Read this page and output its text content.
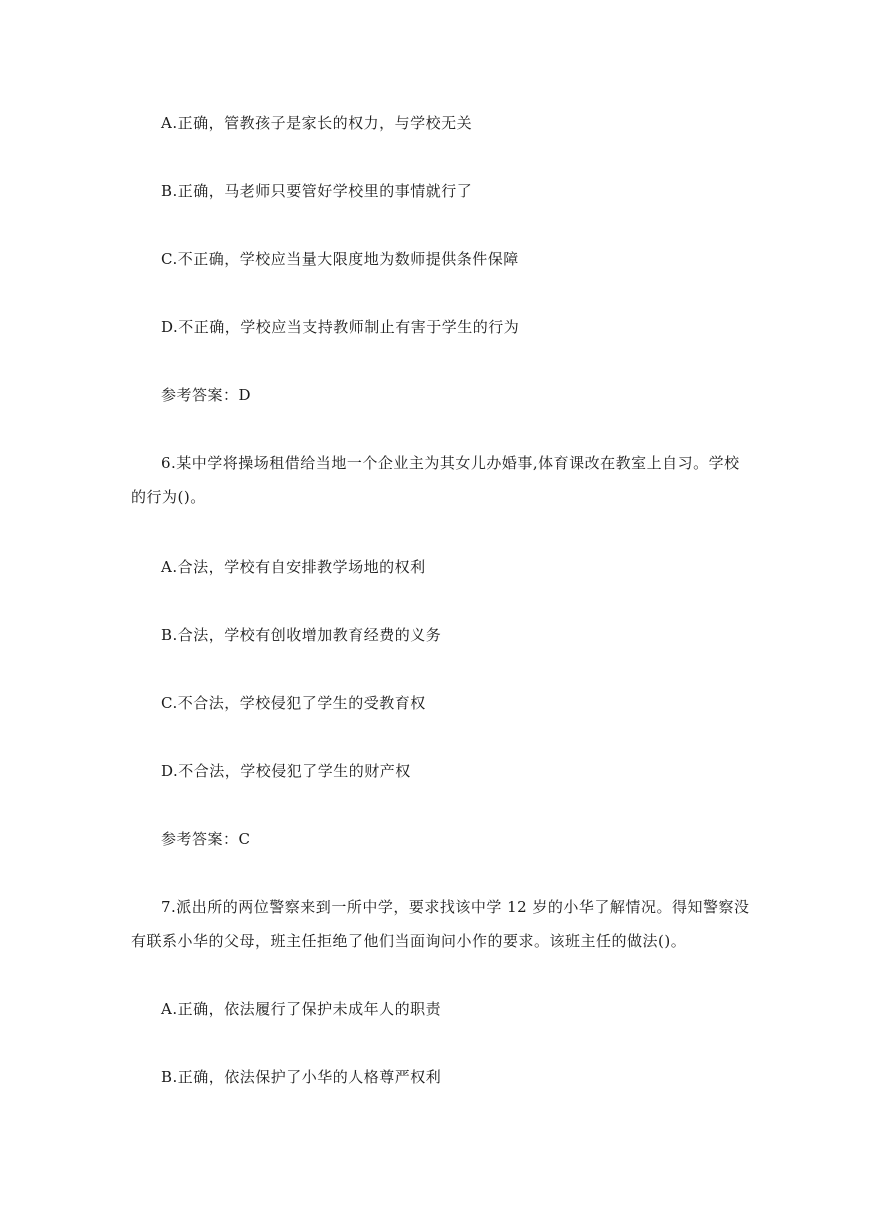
A.正确，管教孩子是家长的权力，与学校无关
B.正确，马老师只要管好学校里的事情就行了
C.不正确，学校应当量大限度地为数师提供条件保障
D.不正确，学校应当支持教师制止有害于学生的行为
参考答案：D
6.某中学将操场租借给当地一个企业主为其女儿办婚事,体育课改在教室上自习。学校
的行为()。
A.合法，学校有自安排教学场地的权利
B.合法，学校有创收增加教育经费的义务
C.不合法，学校侵犯了学生的受教育权
D.不合法，学校侵犯了学生的财产权
参考答案：C
7.派出所的两位警察来到一所中学，要求找该中学 12 岁的小华了解情况。得知警察没
有联系小华的父母，班主任拒绝了他们当面询问小作的要求。该班主任的做法()。
A.正确，依法履行了保护未成年人的职责
B.正确，依法保护了小华的人格尊严权利
